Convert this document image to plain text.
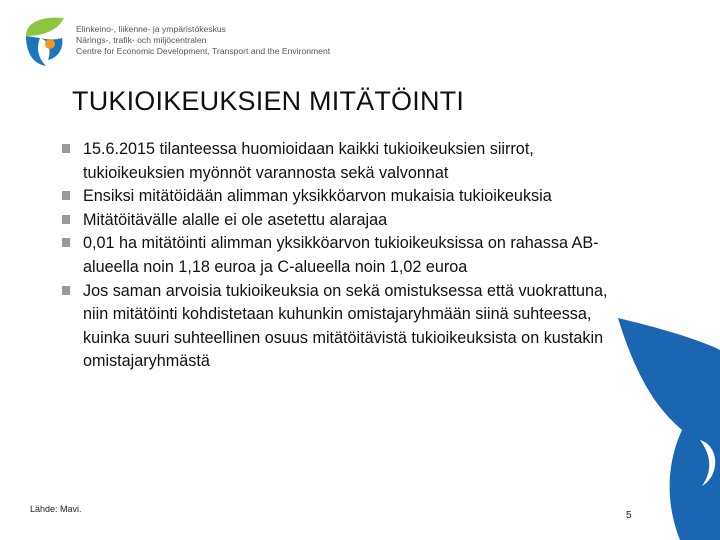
Elinkeino-, liikenne- ja ympäristökeskus
Närings-, trafik- och miljöcentralen
Centre for Economic Development, Transport and the Environment
TUKIOIKEUKSIEN MITÄTÖINTI
15.6.2015 tilanteessa huomioidaan kaikki tukioikeuksien siirrot, tukioikeuksien myönnöt varannosta sekä valvonnat
Ensiksi mitätöidään alimman yksikköarvon mukaisia tukioikeuksia
Mitätöitävälle alalle ei ole asetettu alarajaa
0,01 ha mitätöinti alimman yksikköarvon tukioikeuksissa on rahassa AB-alueella noin 1,18 euroa ja C-alueella noin 1,02 euroa
Jos saman arvoisia tukioikeuksia on sekä omistuksessa että vuokrattuna, niin mitätöinti kohdistetaan kuhunkin omistajaryhmään siinä suhteessa, kuinka suuri suhteellinen osuus mitätöitävistä tukioikeuksista on kustakin omistajaryhmästä
Lähde: Mavi.
5
